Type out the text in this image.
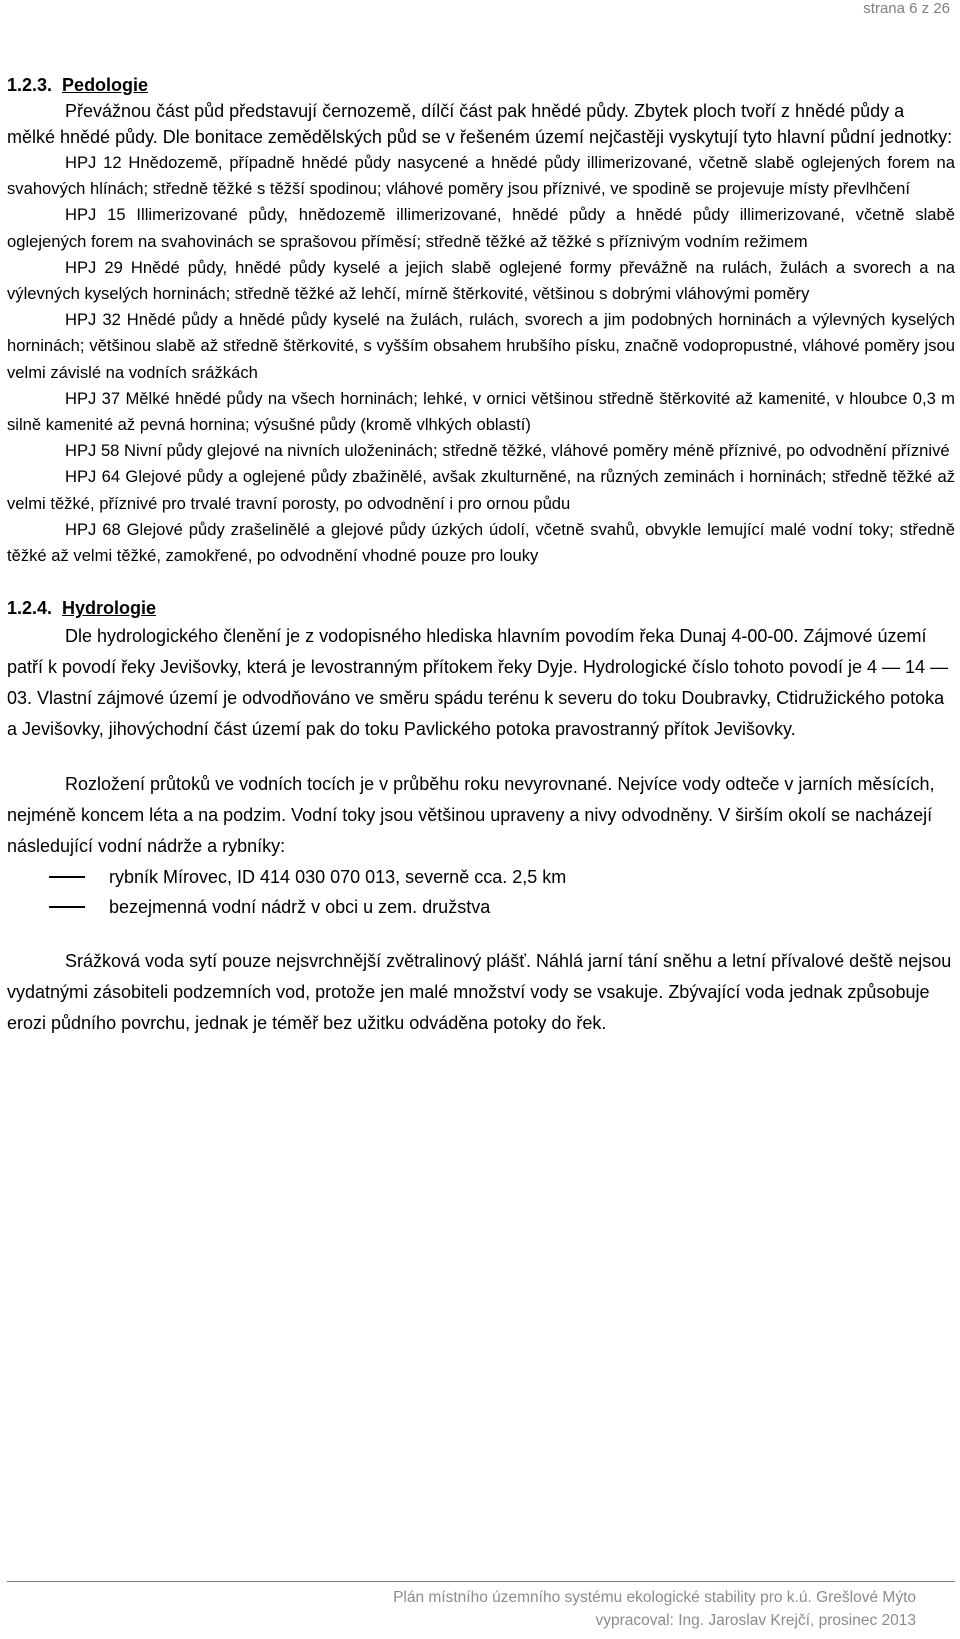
strana 6 z 26
1.2.3. Pedologie

Převážnou část půd představují černozemě, dílčí část pak hnědé půdy. Zbytek ploch tvoří z hnědé půdy a mělké hnědé půdy. Dle bonitace zemědělských půd se v řešeném území nejčastěji vyskytují tyto hlavní půdní jednotky:

HPJ 12 Hnědozemě, případně hnědé půdy nasycené a hnědé půdy illimerizované, včetně slabě oglejených forem na svahových hlínách; středně těžké s těžší spodinou; vláhové poměry jsou příznivé, ve spodině se projevuje místy převlhčení

HPJ 15 Illimerizované půdy, hnědozemě illimerizované, hnědé půdy a hnědé půdy illimerizované, včetně slabě oglejených forem na svahovinách se sprašovou příměsí; středně těžké až těžké s příznivým vodním režimem

HPJ 29 Hnědé půdy, hnědé půdy kyselé a jejich slabě oglejené formy převážně na rulách, žulách a svorech a na výlevných kyselých horninách; středně těžké až lehčí, mírně štěrkovité, většinou s dobrými vláhovými poměry

HPJ 32 Hnědé půdy a hnědé půdy kyselé na žulách, rulách, svorech a jim podobných horninách a výlevných kyselých horninách; většinou slabě až středně štěrkovité, s vyšším obsahem hrubšího písku, značně vodopropustné, vláhové poměry jsou velmi závislé na vodních srážkách

HPJ 37 Mělké hnědé půdy na všech horninách; lehké, v ornici většinou středně štěrkovité až kamenité, v hloubce 0,3 m silně kamenité až pevná hornina; výsušné půdy (kromě vlhkých oblastí)

HPJ 58 Nivní půdy glejové na nivních uloženinách; středně těžké, vláhové poměry méně příznivé, po odvodnění příznivé

HPJ 64 Glejové půdy a oglejené půdy zbažinělé, avšak zkulturněné, na různých zeminách i horninách; středně těžké až velmi těžké, příznivé pro trvalé travní porosty, po odvodnění i pro ornou půdu

HPJ 68 Glejové půdy zrašelinělé a glejové půdy úzkých údolí, včetně svahů, obvykle lemující malé vodní toky; středně těžké až velmi těžké, zamokřené, po odvodnění vhodné pouze pro louky

1.2.4. Hydrologie

Dle hydrologického členění je z vodopisného hlediska hlavním povodím řeka Dunaj 4-00-00. Zájmové území patří k povodí řeky Jevišovky, která je levostranným přítokem řeky Dyje. Hydrologické číslo tohoto povodí je 4 — 14 — 03. Vlastní zájmové území je odvodňováno ve směru spádu terénu k severu do toku Doubravky, Ctidružického potoka a Jevišovky, jihovýchodní část území pak do toku Pavlického potoka pravostranný přítok Jevišovky.

Rozložení průtoků ve vodních tocích je v průběhu roku nevyrovnané. Nejvíce vody odteče v jarních měsících, nejméně koncem léta a na podzim. Vodní toky jsou většinou upraveny a nivy odvodněny. V širším okolí se nacházejí následující vodní nádrže a rybníky:

rybník Mírovec, ID 414 030 070 013, severně cca. 2,5 km
bezejmenná vodní nádrž v obci u zem. družstva

Srážková voda sytí pouze nejsvrchnější zvětralinový plášť. Náhlá jarní tání sněhu a letní přívalové deště nejsou vydatnými zásobiteli podzemních vod, protože jen malé množství vody se vsakuje. Zbývající voda jednak způsobuje erozi půdního povrchu, jednak je téměř bez užitku odváděna potoky do řek.

Plán místního územního systému ekologické stability pro k.ú. Grešlové Mýto
vypracoval: Ing. Jaroslav Krejčí, prosinec 2013
